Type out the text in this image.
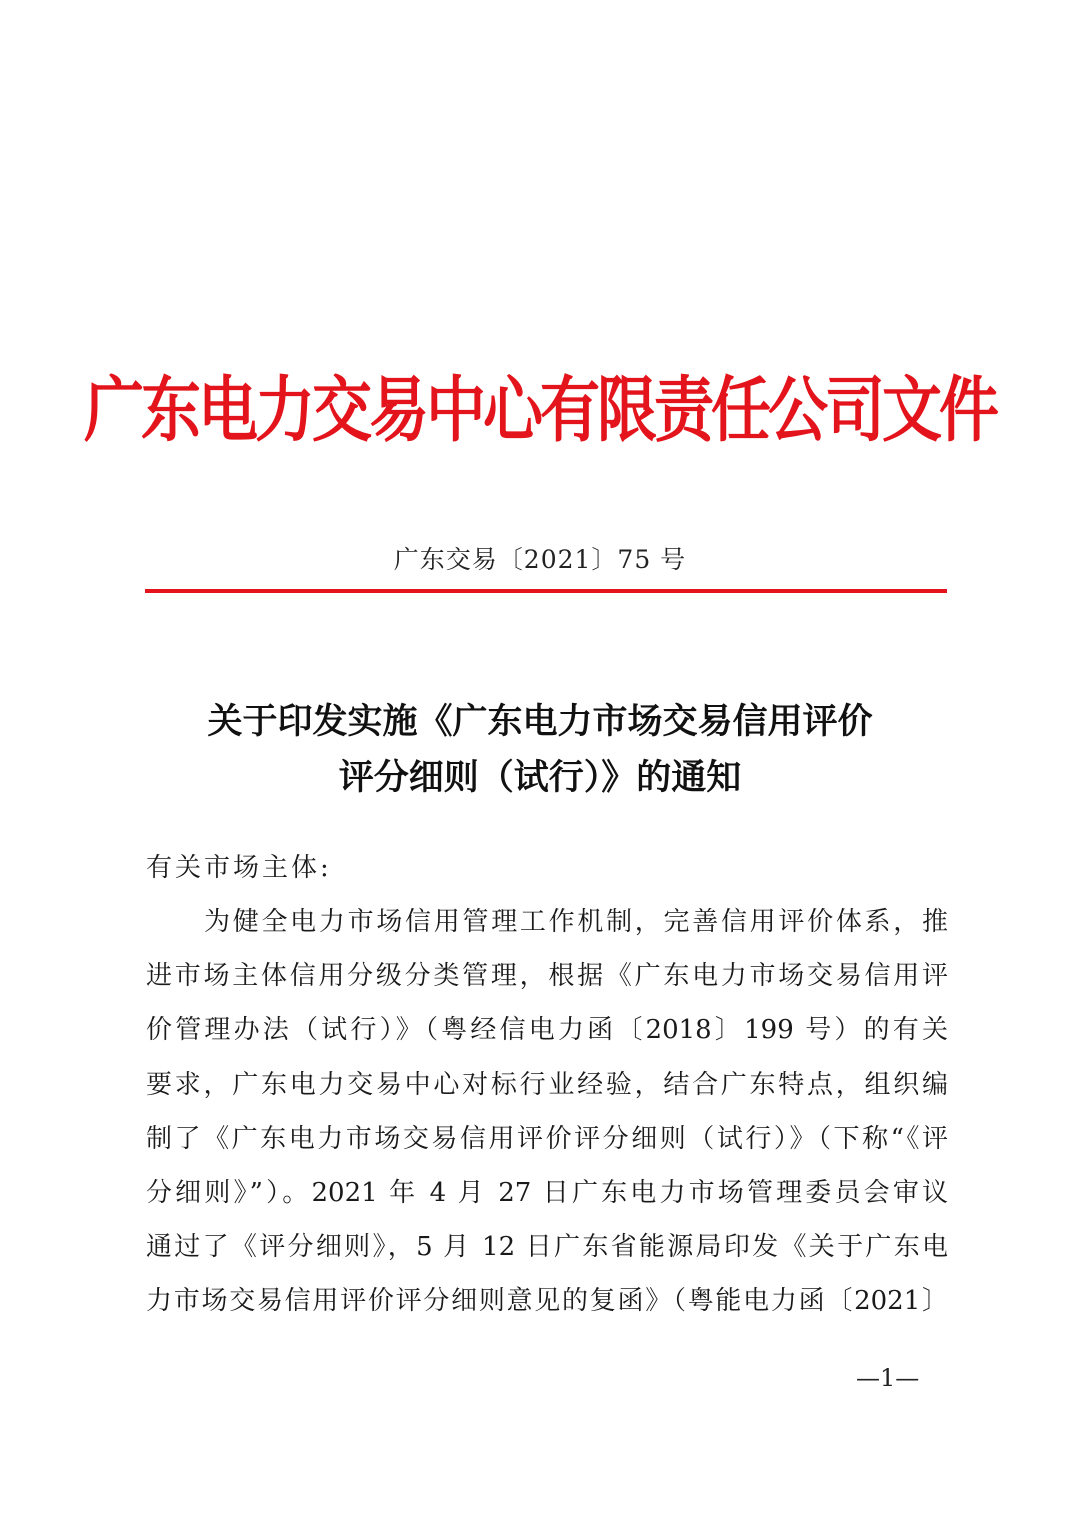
广东电力交易中心有限责任公司文件
广东交易〔2021〕75 号
关于印发实施《广东电力市场交易信用评价
评分细则（试行）》的通知
有关市场主体:
为健全电力市场信用管理工作机制，完善信用评价体系，推
进市场主体信用分级分类管理，根据《广东电力市场交易信用评
价管理办法（试行）》（粤经信电力函〔2018〕199 号）的有关
要求，广东电力交易中心对标行业经验，结合广东特点，组织编
制了《广东电力市场交易信用评价评分细则（试行）》（下称“《评
分细则》”）。2021 年 4 月 27 日广东电力市场管理委员会审议
通过了《评分细则》，5 月 12 日广东省能源局印发《关于广东电
力市场交易信用评价评分细则意见的复函》（粤能电力函〔2021〕
—1—
